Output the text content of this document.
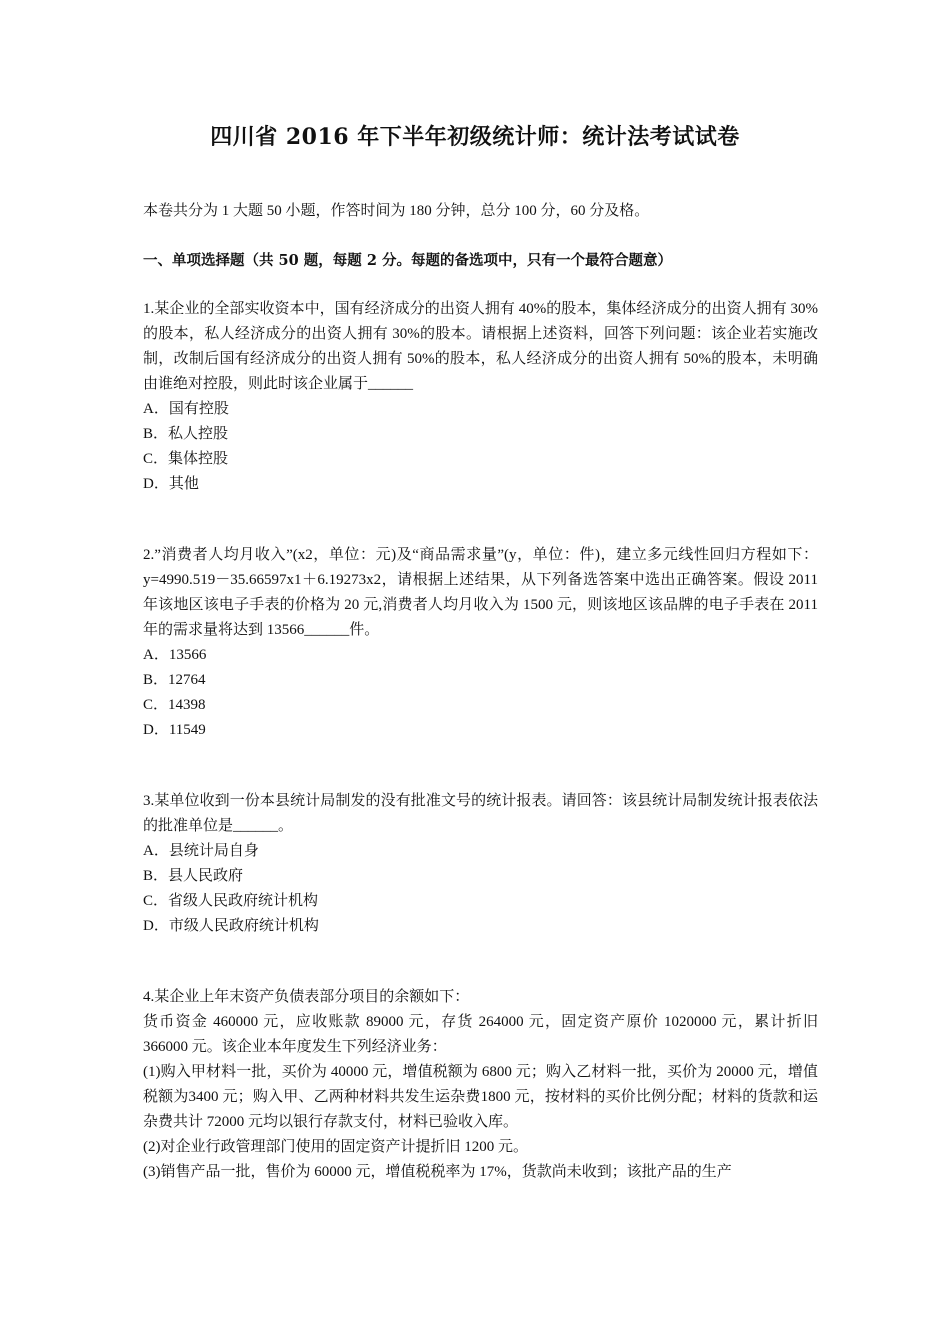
四川省 2016 年下半年初级统计师：统计法考试试卷

本卷共分为 1 大题 50 小题，作答时间为 180 分钟，总分 100 分，60 分及格。

一、单项选择题（共 50 题，每题 2 分。每题的备选项中，只有一个最符合题意）

1.某企业的全部实收资本中，国有经济成分的出资人拥有 40%的股本，集体经济成分的出资人拥有 30%的股本，私人经济成分的出资人拥有 30%的股本。请根据上述资料，回答下列问题：该企业若实施改制，改制后国有经济成分的出资人拥有 50%的股本，私人经济成分的出资人拥有 50%的股本，未明确由谁绝对控股，则此时该企业属于______

A．国有控股

B．私人控股

C．集体控股

D．其他

2.”消费者人均月收入”(x2，单位：元)及“商品需求量”(y，单位：件)，建立多元线性回归方程如下：y=4990.519－35.66597x1＋6.19273x2，请根据上述结果，从下列备选答案中选出正确答案。假设 2011 年该地区该电子手表的价格为 20 元,消费者人均月收入为 1500 元，则该地区该品牌的电子手表在 2011 年的需求量将达到 13566______件。

A．13566

B．12764

C．14398

D．11549

3.某单位收到一份本县统计局制发的没有批准文号的统计报表。请回答：该县统计局制发统计报表依法的批准单位是______。

A．县统计局自身

B．县人民政府

C．省级人民政府统计机构

D．市级人民政府统计机构

4.某企业上年末资产负债表部分项目的余额如下：

货币资金 460000 元，应收账款 89000 元，存货 264000 元，固定资产原价 1020000 元，累计折旧 366000 元。该企业本年度发生下列经济业务：

(1)购入甲材料一批，买价为 40000 元，增值税额为 6800 元；购入乙材料一批，买价为 20000 元，增值税额为3400 元；购入甲、乙两种材料共发生运杂费1800 元，按材料的买价比例分配；材料的货款和运杂费共计 72000 元均以银行存款支付，材料已验收入库。

(2)对企业行政管理部门使用的固定资产计提折旧 1200 元。

(3)销售产品一批，售价为 60000 元，增值税税率为 17%，货款尚未收到；该批产品的生产
